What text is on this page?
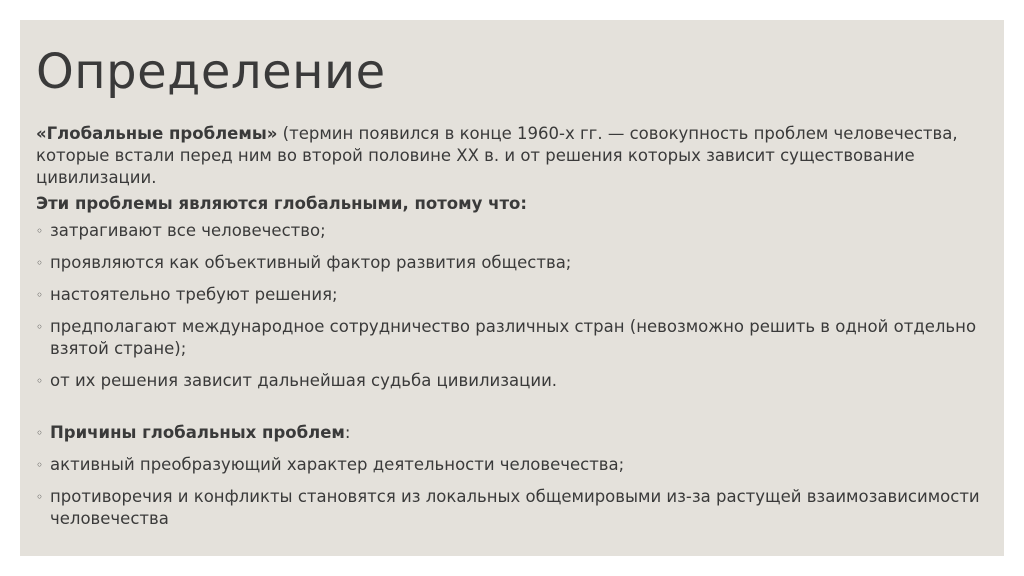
Определение

«Глобальные проблемы» (термин появился в конце 1960-х гг. — совокупность проблем человечества, которые встали перед ним во второй половине XX в. и от решения которых зависит существование цивилизации.

Эти проблемы являются глобальными, потому что:

◦ затрагивают все человечество;
◦ проявляются как объективный фактор развития общества;
◦ настоятельно требуют решения;
◦ предполагают международное сотрудничество различных стран (невозможно решить в одной отдельно взятой стране);
◦ от их решения зависит дальнейшая судьба цивилизации.
◦ Причины глобальных проблем:
◦ активный преобразующий характер деятельности человечества;
◦ противоречия и конфликты становятся из локальных общемировыми из-за растущей взаимозависимости человечества
